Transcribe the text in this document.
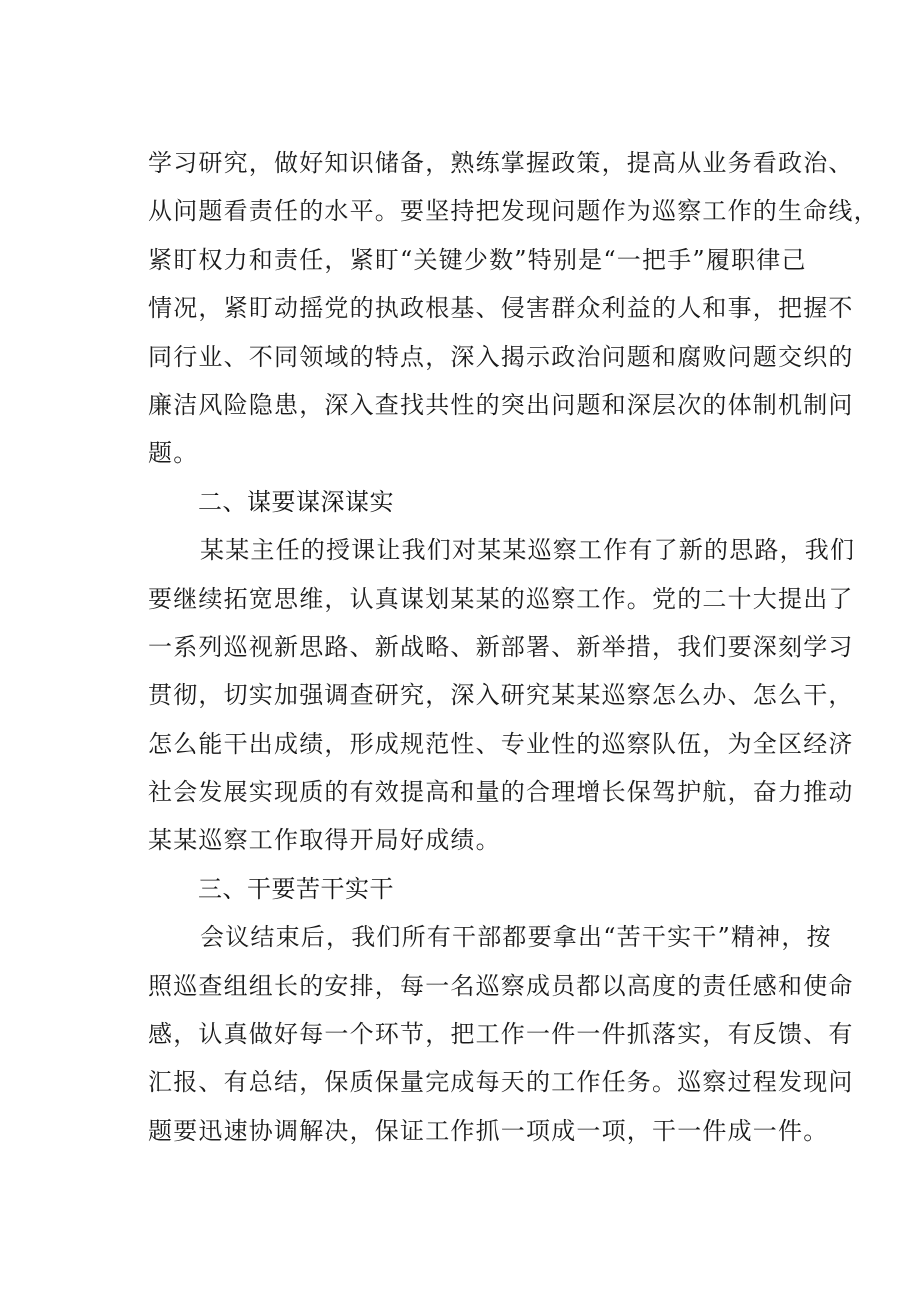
学习研究，做好知识储备，熟练掌握政策，提高从业务看政治、
从问题看责任的水平。要坚持把发现问题作为巡察工作的生命线，
紧盯权力和责任，紧盯“关键少数”特别是“一把手”履职律己
情况，紧盯动摇党的执政根基、侵害群众利益的人和事，把握不
同行业、不同领域的特点，深入揭示政治问题和腐败问题交织的
廉洁风险隐患，深入查找共性的突出问题和深层次的体制机制问
题。
二、谋要谋深谋实
某某主任的授课让我们对某某巡察工作有了新的思路，我们
要继续拓宽思维，认真谋划某某的巡察工作。党的二十大提出了
一系列巡视新思路、新战略、新部署、新举措，我们要深刻学习
贯彻，切实加强调查研究，深入研究某某巡察怎么办、怎么干，
怎么能干出成绩，形成规范性、专业性的巡察队伍，为全区经济
社会发展实现质的有效提高和量的合理增长保驾护航，奋力推动
某某巡察工作取得开局好成绩。
三、干要苦干实干
会议结束后，我们所有干部都要拿出“苦干实干”精神，按
照巡查组组长的安排，每一名巡察成员都以高度的责任感和使命
感，认真做好每一个环节，把工作一件一件抓落实，有反馈、有
汇报、有总结，保质保量完成每天的工作任务。巡察过程发现问
题要迅速协调解决，保证工作抓一项成一项，干一件成一件。
